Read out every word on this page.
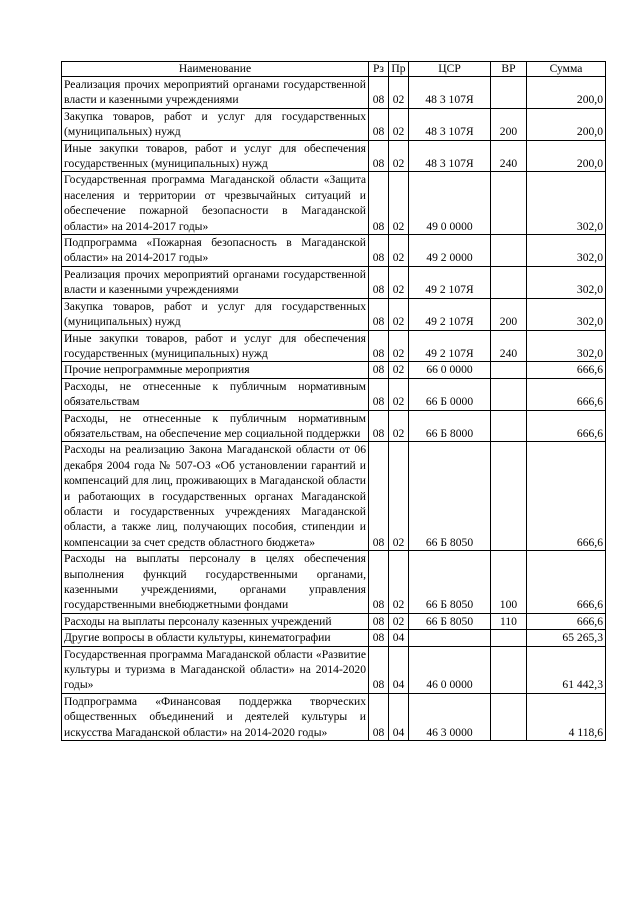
Наименование	Рз	Пр	ЦСР	ВР	Сумма
Реализация прочих мероприятий органами государственной власти и казенными учреждениями	08	02	48 3 107Я		200,0
Закупка товаров, работ и услуг для государственных (муниципальных) нужд	08	02	48 3 107Я	200	200,0
Иные закупки товаров, работ и услуг для обеспечения государственных (муниципальных) нужд	08	02	48 3 107Я	240	200,0
Государственная программа Магаданской области «Защита населения и территории от чрезвычайных ситуаций и обеспечение пожарной безопасности в Магаданской области» на 2014-2017 годы»	08	02	49 0 0000		302,0
Подпрограмма «Пожарная безопасность в Магаданской области» на 2014-2017 годы»	08	02	49 2 0000		302,0
Реализация прочих мероприятий органами государственной власти и казенными учреждениями	08	02	49 2 107Я		302,0
Закупка товаров, работ и услуг для государственных (муниципальных) нужд	08	02	49 2 107Я	200	302,0
Иные закупки товаров, работ и услуг для обеспечения государственных (муниципальных) нужд	08	02	49 2 107Я	240	302,0
Прочие непрограммные мероприятия	08	02	66 0 0000		666,6
Расходы, не отнесенные к публичным нормативным обязательствам	08	02	66 Б 0000		666,6
Расходы, не отнесенные к публичным нормативным обязательствам, на обеспечение мер социальной поддержки	08	02	66 Б 8000		666,6
Расходы на реализацию Закона Магаданской области от 06 декабря 2004 года № 507-ОЗ «Об установлении гарантий и компенсаций для лиц, проживающих в Магаданской области и работающих в государственных органах Магаданской области и государственных учреждениях Магаданской области, а также лиц, получающих пособия, стипендии и компенсации за счет средств областного бюджета»	08	02	66 Б 8050		666,6
Расходы на выплаты персоналу в целях обеспечения выполнения функций государственными органами, казенными учреждениями, органами управления государственными внебюджетными фондами	08	02	66 Б 8050	100	666,6
Расходы на выплаты персоналу казенных учреждений	08	02	66 Б 8050	110	666,6
Другие вопросы в области культуры, кинематографии	08	04			65 265,3
Государственная программа Магаданской области «Развитие культуры и туризма в Магаданской области» на 2014-2020 годы»	08	04	46 0 0000		61 442,3
Подпрограмма «Финансовая поддержка творческих общественных объединений и деятелей культуры и искусства Магаданской области» на 2014-2020 годы»	08	04	46 3 0000		4 118,6
